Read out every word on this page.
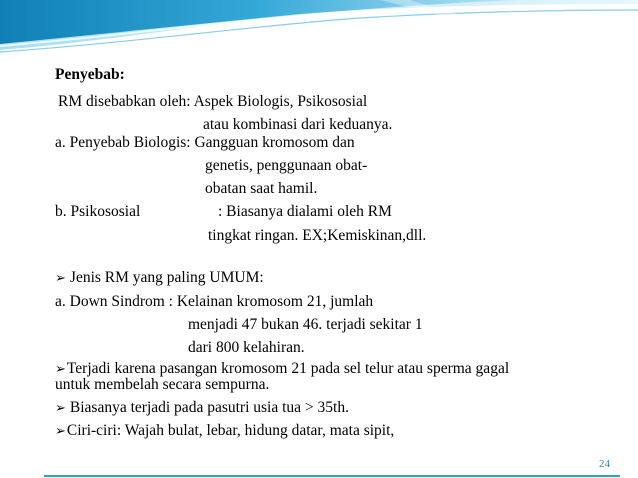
Penyebab:
RM disebabkan oleh: Aspek Biologis, Psikososial
atau kombinasi dari keduanya.
a. Penyebab Biologis: Gangguan kromosom dan
genetis, penggunaan obat-
obatan saat hamil.
b. Psikososial	: Biasanya dialami oleh RM
tingkat ringan. EX;Kemiskinan,dll.
➢ Jenis RM yang paling UMUM:
a. Down Sindrom : Kelainan kromosom 21, jumlah
menjadi 47 bukan 46. terjadi sekitar 1
dari 800 kelahiran.
➢Terjadi karena pasangan kromosom 21 pada sel telur atau sperma gagal
untuk membelah secara sempurna.
➢ Biasanya terjadi pada pasutri usia tua > 35th.
➢Ciri-ciri: Wajah bulat, lebar, hidung datar, mata sipit,
24
